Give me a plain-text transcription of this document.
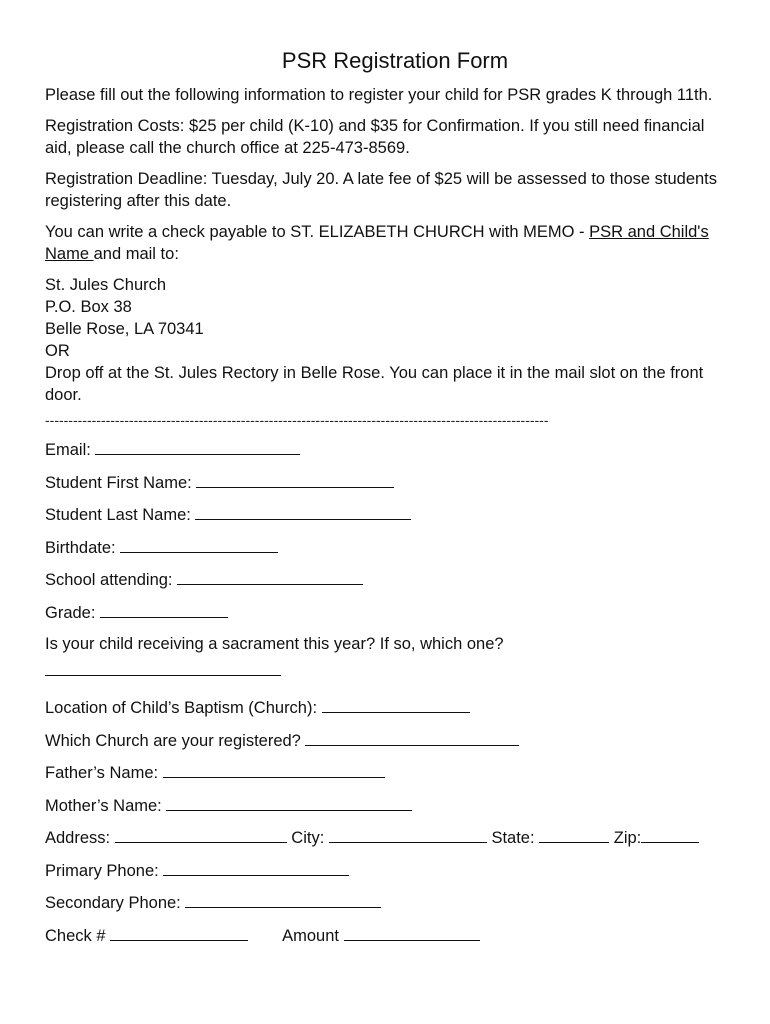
PSR Registration Form

Please fill out the following information to register your child for PSR grades K through 11th.

Registration Costs: $25 per child (K-10) and $35 for Confirmation. If you still need financial aid, please call the church office at 225-473-8569.

Registration Deadline: Tuesday, July 20. A late fee of $25 will be assessed to those students registering after this date.

You can write a check payable to ST. ELIZABETH CHURCH with MEMO - PSR and Child's Name and mail to:

St. Jules Church

P.O. Box 38

Belle Rose, LA 70341

OR

Drop off at the St. Jules Rectory in Belle Rose. You can place it in the mail slot on the front door.

------------------------------------------------------------------------------------------------------------
Email:
Student First Name:
Student Last Name:
Birthdate:
School attending:
Grade:
Is your child receiving a sacrament this year? If so, which one?
Location of Child’s Baptism (Church):
Which Church are your registered?
Father’s Name:
Mother’s Name:
Address:	City:	State:	Zip:
Primary Phone:
Secondary Phone:
Check #	Amount
